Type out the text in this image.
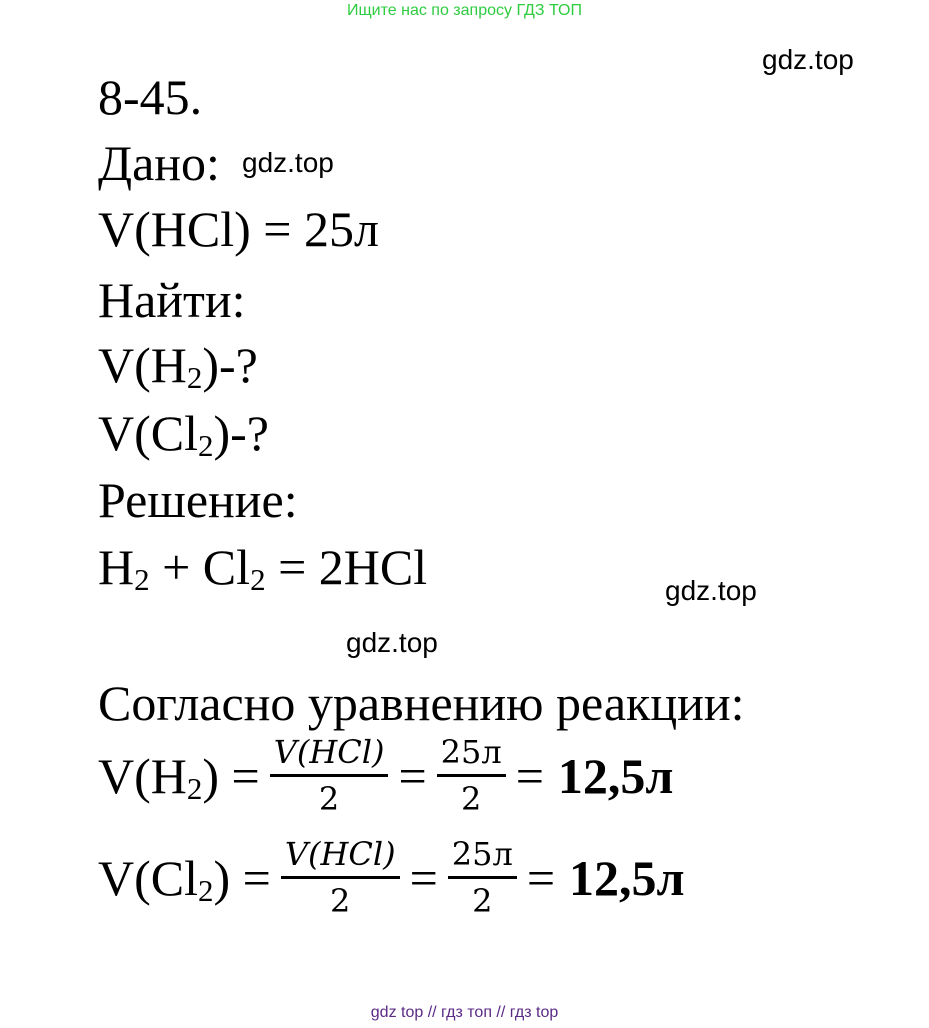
Ищите нас по запросу ГДЗ ТОП
gdz.top
gdz.top
gdz.top
gdz.top
8-45.
Дано:
V(HCl) = 25л
Найти:
$V(H_2)-$?
$V(Cl_2)-$?
Решение:
$H_2 + Cl_2 = 2HCl$
Согласно уравнению реакции:
$V(H_2) = \frac{\text{V(HCl)}}{2} = \frac{25л}{2} = 12,5л$
$V(Cl_2) = \frac{\text{V(HCl)}}{2} = \frac{25л}{2} = 12,5л$
gdz top // гдз топ // гдз top
